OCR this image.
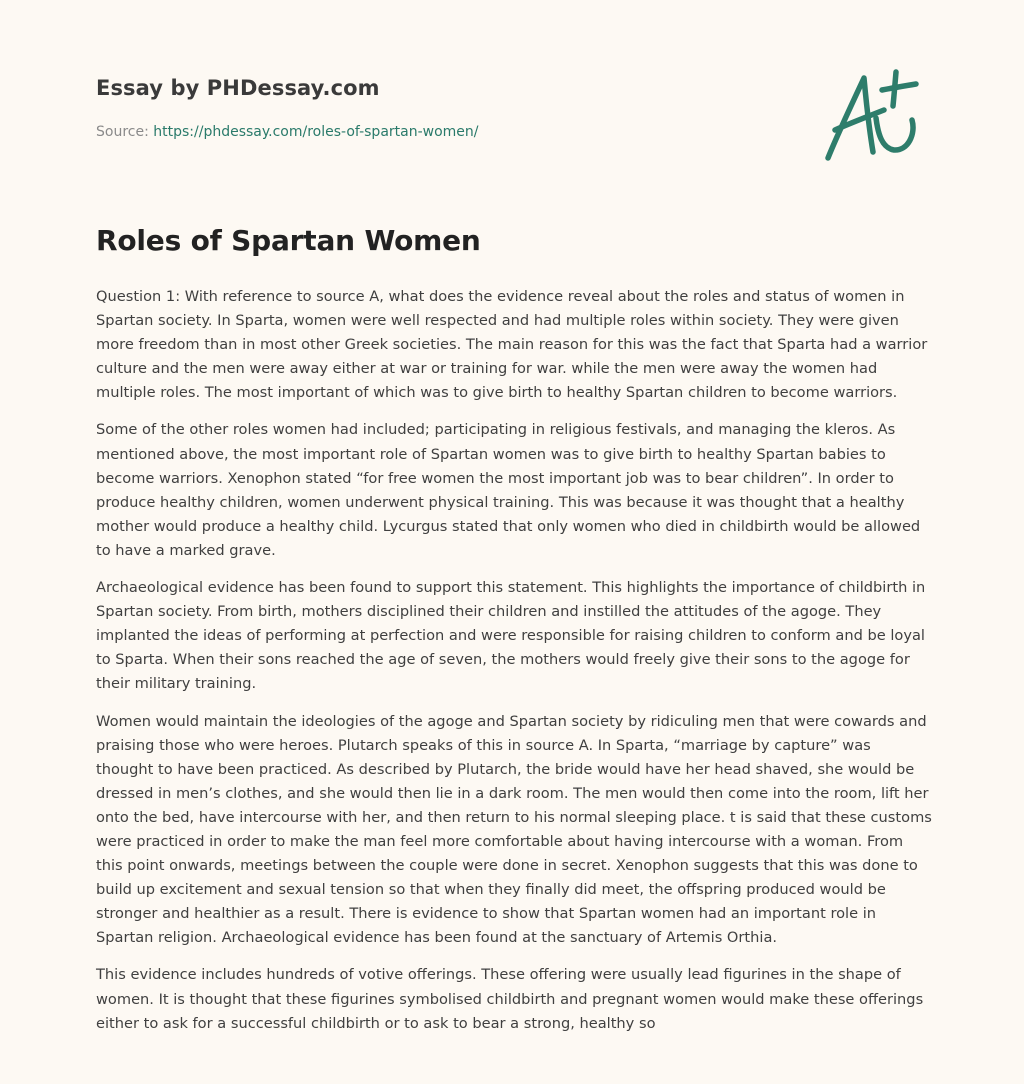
Essay by PHDessay.com
Source: https://phdessay.com/roles-of-spartan-women/
Roles of Spartan Women

Question 1: With reference to source A, what does the evidence reveal about the roles and status of women in Spartan society. In Sparta, women were well respected and had multiple roles within society. They were given more freedom than in most other Greek societies. The main reason for this was the fact that Sparta had a warrior culture and the men were away either at war or training for war. while the men were away the women had multiple roles. The most important of which was to give birth to healthy Spartan children to become warriors.

Some of the other roles women had included; participating in religious festivals, and managing the kleros. As mentioned above, the most important role of Spartan women was to give birth to healthy Spartan babies to become warriors. Xenophon stated “for free women the most important job was to bear children”. In order to produce healthy children, women underwent physical training. This was because it was thought that a healthy mother would produce a healthy child. Lycurgus stated that only women who died in childbirth would be allowed to have a marked grave.

Archaeological evidence has been found to support this statement. This highlights the importance of childbirth in Spartan society. From birth, mothers disciplined their children and instilled the attitudes of the agoge. They implanted the ideas of performing at perfection and were responsible for raising children to conform and be loyal to Sparta. When their sons reached the age of seven, the mothers would freely give their sons to the agoge for their military training.

Women would maintain the ideologies of the agoge and Spartan society by ridiculing men that were cowards and praising those who were heroes. Plutarch speaks of this in source A. In Sparta, “marriage by capture” was thought to have been practiced. As described by Plutarch, the bride would have her head shaved, she would be dressed in men’s clothes, and she would then lie in a dark room. The men would then come into the room, lift her onto the bed, have intercourse with her, and then return to his normal sleeping place. t is said that these customs were practiced in order to make the man feel more comfortable about having intercourse with a woman. From this point onwards, meetings between the couple were done in secret. Xenophon suggests that this was done to build up excitement and sexual tension so that when they finally did meet, the offspring produced would be stronger and healthier as a result. There is evidence to show that Spartan women had an important role in Spartan religion. Archaeological evidence has been found at the sanctuary of Artemis Orthia.

This evidence includes hundreds of votive offerings. These offering were usually lead figurines in the shape of women. It is thought that these figurines symbolised childbirth and pregnant women would make these offerings either to ask for a successful childbirth or to ask to bear a strong, healthy so
